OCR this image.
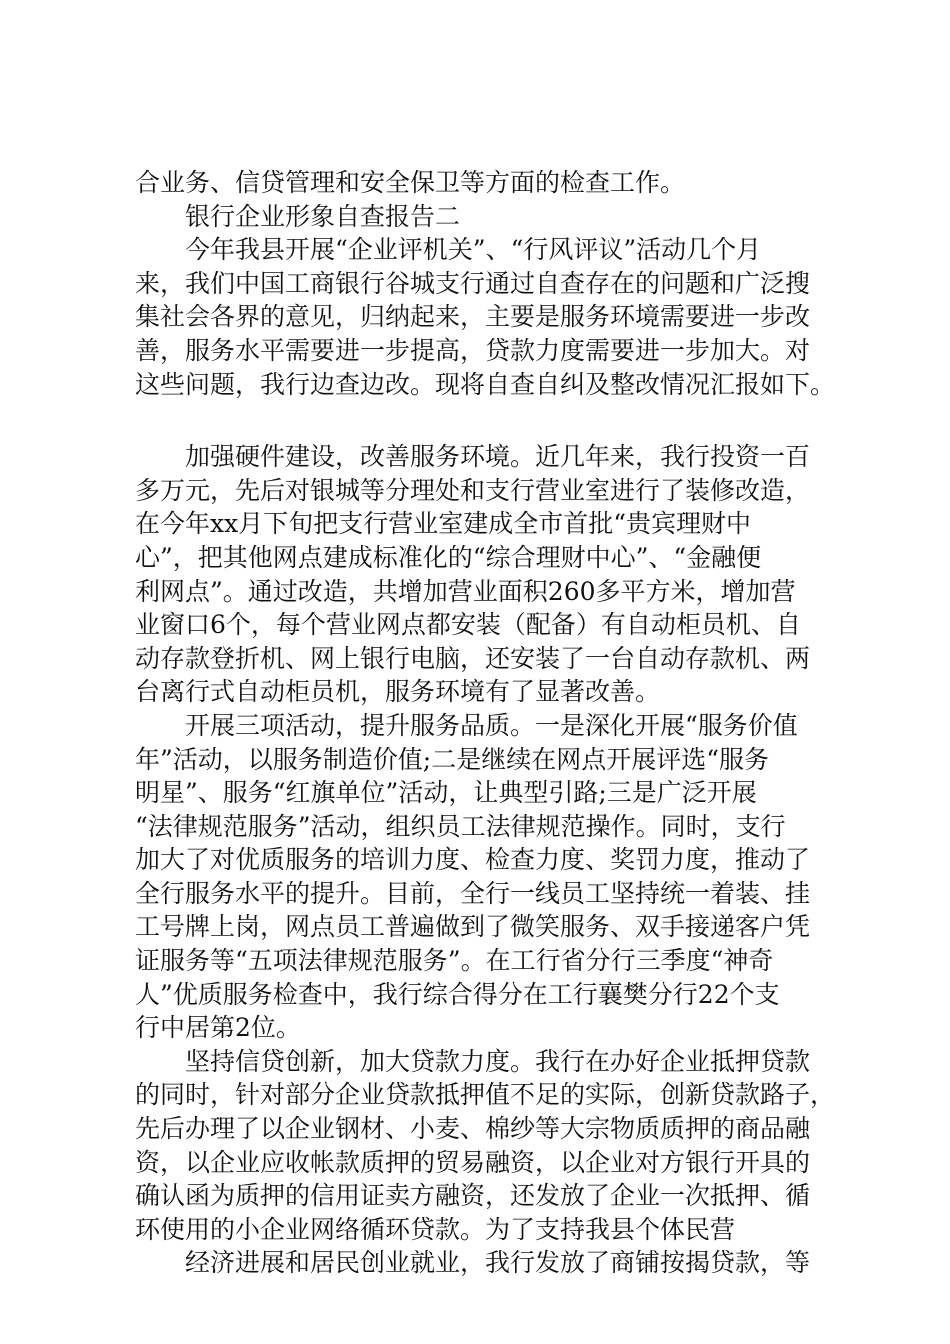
合业务、信贷管理和安全保卫等方面的检查工作。
银行企业形象自查报告二
今年我县开展“企业评机关”、“行风评议”活动几个月
来，我们中国工商银行谷城支行通过自查存在的问题和广泛搜
集社会各界的意见，归纳起来，主要是服务环境需要进一步改
善，服务水平需要进一步提高，贷款力度需要进一步加大。对
这些问题，我行边查边改。现将自查自纠及整改情况汇报如下。
加强硬件建设，改善服务环境。近几年来，我行投资一百
多万元，先后对银城等分理处和支行营业室进行了装修改造，
在今年xx月下旬把支行营业室建成全市首批“贵宾理财中
心”，把其他网点建成标准化的“综合理财中心”、“金融便
利网点”。通过改造，共增加营业面积260多平方米，增加营
业窗口6个，每个营业网点都安装（配备）有自动柜员机、自
动存款登折机、网上银行电脑，还安装了一台自动存款机、两
台离行式自动柜员机，服务环境有了显著改善。
开展三项活动，提升服务品质。一是深化开展“服务价值
年”活动，以服务制造价值;二是继续在网点开展评选“服务
明星”、服务“红旗单位”活动，让典型引路;三是广泛开展
“法律规范服务”活动，组织员工法律规范操作。同时，支行
加大了对优质服务的培训力度、检查力度、奖罚力度，推动了
全行服务水平的提升。目前，全行一线员工坚持统一着装、挂
工号牌上岗，网点员工普遍做到了微笑服务、双手接递客户凭
证服务等“五项法律规范服务”。在工行省分行三季度“神奇
人”优质服务检查中，我行综合得分在工行襄樊分行22个支
行中居第2位。
坚持信贷创新，加大贷款力度。我行在办好企业抵押贷款
的同时，针对部分企业贷款抵押值不足的实际，创新贷款路子，
先后办理了以企业钢材、小麦、棉纱等大宗物质质押的商品融
资，以企业应收帐款质押的贸易融资，以企业对方银行开具的
确认函为质押的信用证卖方融资，还发放了企业一次抵押、循
环使用的小企业网络循环贷款。为了支持我县个体民营
经济进展和居民创业就业，我行发放了商铺按揭贷款，等
